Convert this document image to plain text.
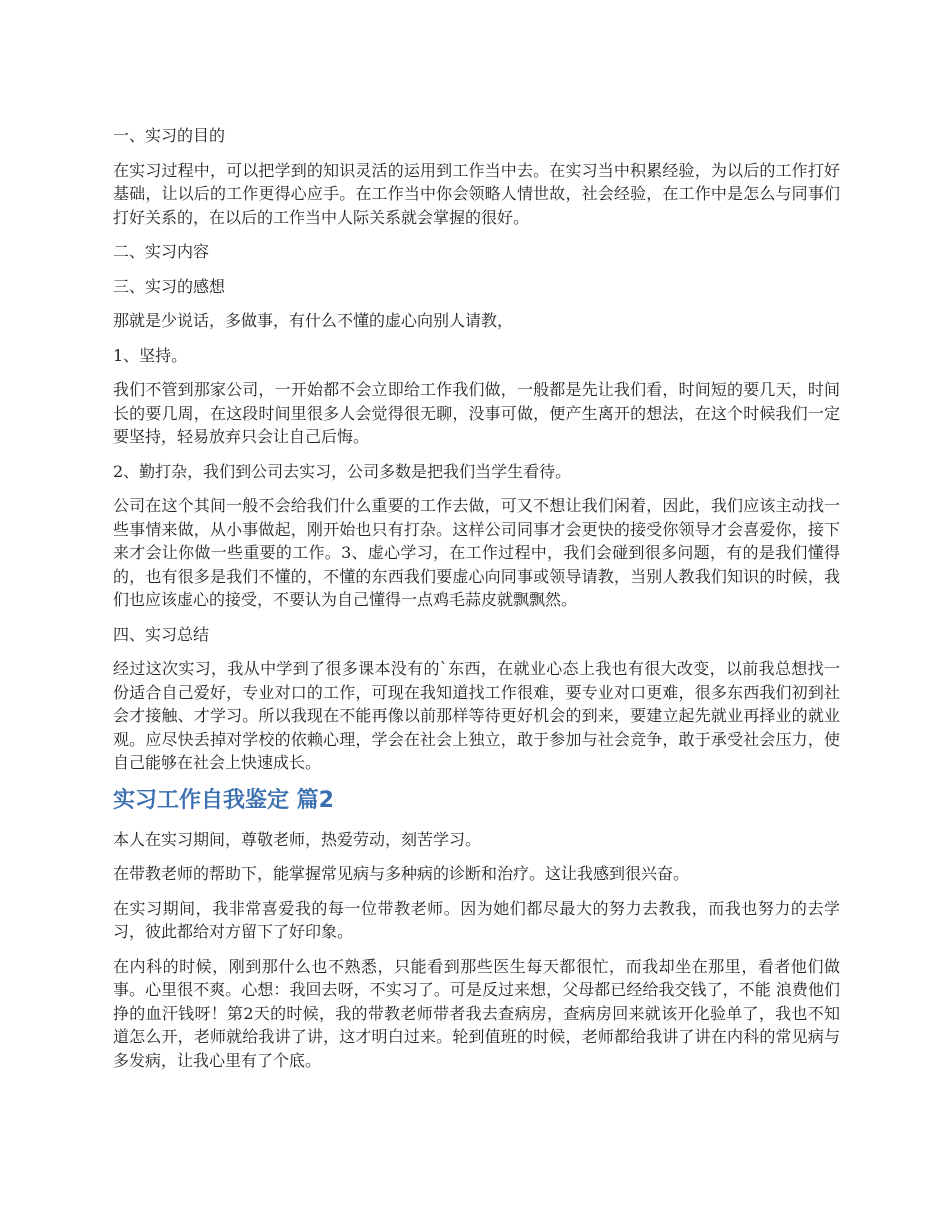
一、实习的目的

在实习过程中，可以把学到的知识灵活的运用到工作当中去。在实习当中积累经验，为以后的工作打好基础，让以后的工作更得心应手。在工作当中你会领略人情世故，社会经验，在工作中是怎么与同事们打好关系的，在以后的工作当中人际关系就会掌握的很好。

二、实习内容

三、实习的感想

那就是少说话，多做事，有什么不懂的虚心向别人请教，

1、坚持。

我们不管到那家公司，一开始都不会立即给工作我们做，一般都是先让我们看，时间短的要几天，时间长的要几周，在这段时间里很多人会觉得很无聊，没事可做，便产生离开的想法，在这个时候我们一定要坚持，轻易放弃只会让自己后悔。

2、勤打杂，我们到公司去实习，公司多数是把我们当学生看待。

公司在这个其间一般不会给我们什么重要的工作去做，可又不想让我们闲着，因此，我们应该主动找一些事情来做，从小事做起，刚开始也只有打杂。这样公司同事才会更快的接受你领导才会喜爱你，接下来才会让你做一些重要的工作。3、虚心学习，在工作过程中，我们会碰到很多问题，有的是我们懂得的，也有很多是我们不懂的，不懂的东西我们要虚心向同事或领导请教，当别人教我们知识的时候，我们也应该虚心的接受，不要认为自己懂得一点鸡毛蒜皮就飘飘然。

四、实习总结

经过这次实习，我从中学到了很多课本没有的`东西，在就业心态上我也有很大改变，以前我总想找一份适合自己爱好，专业对口的工作，可现在我知道找工作很难，要专业对口更难，很多东西我们初到社会才接触、才学习。所以我现在不能再像以前那样等待更好机会的到来，要建立起先就业再择业的就业观。应尽快丢掉对学校的依赖心理，学会在社会上独立，敢于参加与社会竞争，敢于承受社会压力，使自己能够在社会上快速成长。

实习工作自我鉴定 篇2

本人在实习期间，尊敬老师，热爱劳动，刻苦学习。

在带教老师的帮助下，能掌握常见病与多种病的诊断和治疗。这让我感到很兴奋。

在实习期间，我非常喜爱我的每一位带教老师。因为她们都尽最大的努力去教我，而我也努力的去学习，彼此都给对方留下了好印象。

在内科的时候，刚到那什么也不熟悉，只能看到那些医生每天都很忙，而我却坐在那里，看者他们做事。心里很不爽。心想：我回去呀，不实习了。可是反过来想，父母都已经给我交钱了，不能 浪费他们挣的血汗钱呀！第2天的时候，我的带教老师带者我去查病房，查病房回来就该开化验单了，我也不知道怎么开，老师就给我讲了讲，这才明白过来。轮到值班的时候，老师都给我讲了讲在内科的常见病与多发病，让我心里有了个底。
